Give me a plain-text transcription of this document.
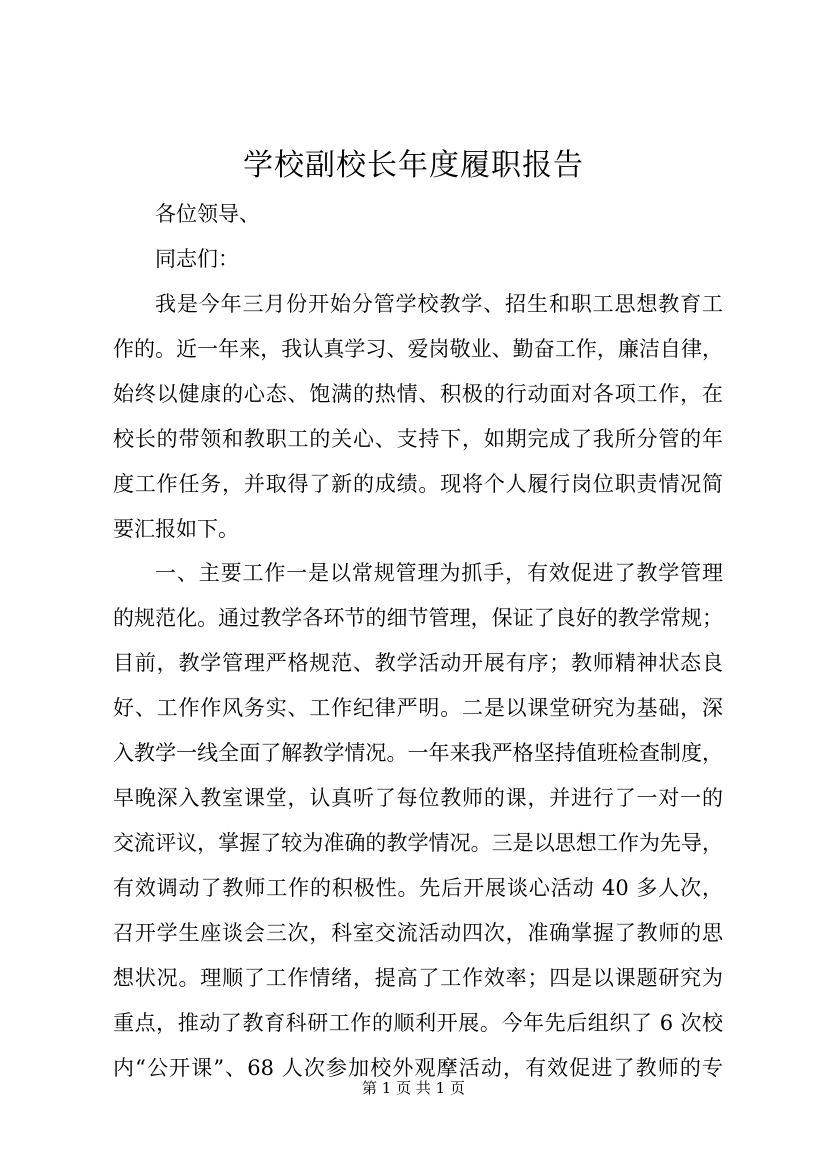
学校副校长年度履职报告

各位领导、

同志们：

我是今年三月份开始分管学校教学、招生和职工思想教育工

作的。近一年来，我认真学习、爱岗敬业、勤奋工作，廉洁自律，

始终以健康的心态、饱满的热情、积极的行动面对各项工作，在

校长的带领和教职工的关心、支持下，如期完成了我所分管的年

度工作任务，并取得了新的成绩。现将个人履行岗位职责情况简

要汇报如下。

一、主要工作一是以常规管理为抓手，有效促进了教学管理

的规范化。通过教学各环节的细节管理，保证了良好的教学常规；

目前，教学管理严格规范、教学活动开展有序；教师精神状态良

好、工作作风务实、工作纪律严明。二是以课堂研究为基础，深

入教学一线全面了解教学情况。一年来我严格坚持值班检查制度，

早晚深入教室课堂，认真听了每位教师的课，并进行了一对一的

交流评议，掌握了较为准确的教学情况。三是以思想工作为先导，

有效调动了教师工作的积极性。先后开展谈心活动 40 多人次，

召开学生座谈会三次，科室交流活动四次，准确掌握了教师的思

想状况。理顺了工作情绪，提高了工作效率；四是以课题研究为

重点，推动了教育科研工作的顺利开展。今年先后组织了 6 次校

内“公开课”、68 人次参加校外观摩活动，有效促进了教师的专

第 1 页 共 1 页
